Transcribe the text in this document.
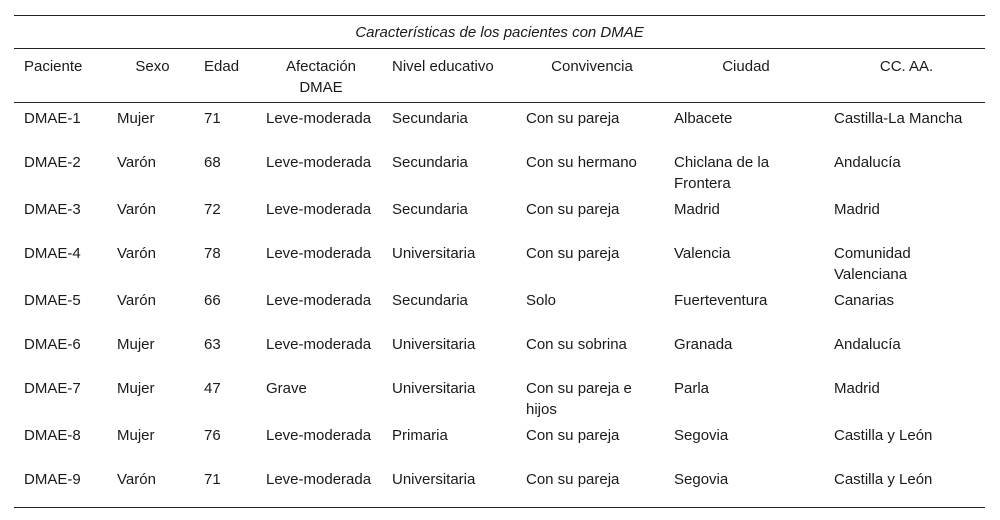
Características de los pacientes con DMAE							
Paciente	Sexo	Edad	Afectación DMAE	Nivel educativo	Convivencia	Ciudad	CC. AA.
DMAE-1	Mujer	71	Leve-moderada	Secundaria	Con su pareja	Albacete	Castilla-La Mancha
DMAE-2	Varón	68	Leve-moderada	Secundaria	Con su hermano	Chiclana de la Frontera	Andalucía
DMAE-3	Varón	72	Leve-moderada	Secundaria	Con su pareja	Madrid	Madrid
DMAE-4	Varón	78	Leve-moderada	Universitaria	Con su pareja	Valencia	Comunidad Valenciana
DMAE-5	Varón	66	Leve-moderada	Secundaria	Solo	Fuerteventura	Canarias
DMAE-6	Mujer	63	Leve-moderada	Universitaria	Con su sobrina	Granada	Andalucía
DMAE-7	Mujer	47	Grave	Universitaria	Con su pareja e hijos	Parla	Madrid
DMAE-8	Mujer	76	Leve-moderada	Primaria	Con su pareja	Segovia	Castilla y León
DMAE-9	Varón	71	Leve-moderada	Universitaria	Con su pareja	Segovia	Castilla y León
